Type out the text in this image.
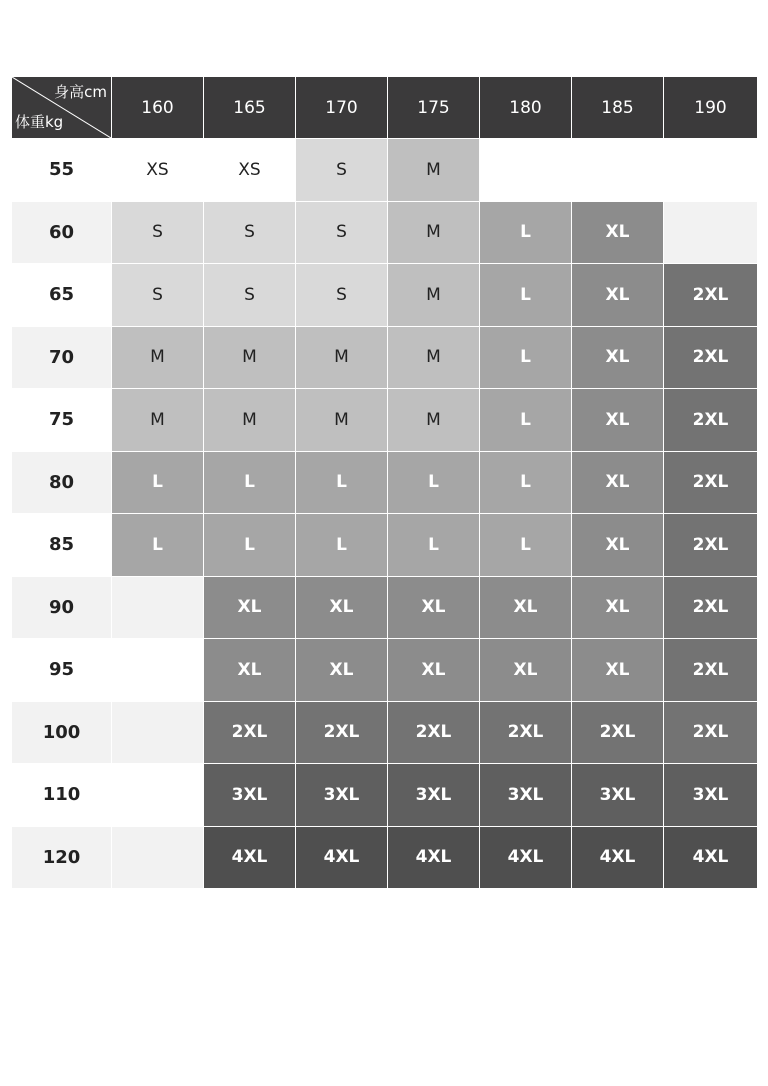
身高cm
体重kg	160	165	170	175	180	185	190
55	XS	XS	S	M			
60	S	S	S	M	L	XL	
65	S	S	S	M	L	XL	2XL
70	M	M	M	M	L	XL	2XL
75	M	M	M	M	L	XL	2XL
80	L	L	L	L	L	XL	2XL
85	L	L	L	L	L	XL	2XL
90		XL	XL	XL	XL	XL	2XL
95		XL	XL	XL	XL	XL	2XL
100		2XL	2XL	2XL	2XL	2XL	2XL
110		3XL	3XL	3XL	3XL	3XL	3XL
120		4XL	4XL	4XL	4XL	4XL	4XL
